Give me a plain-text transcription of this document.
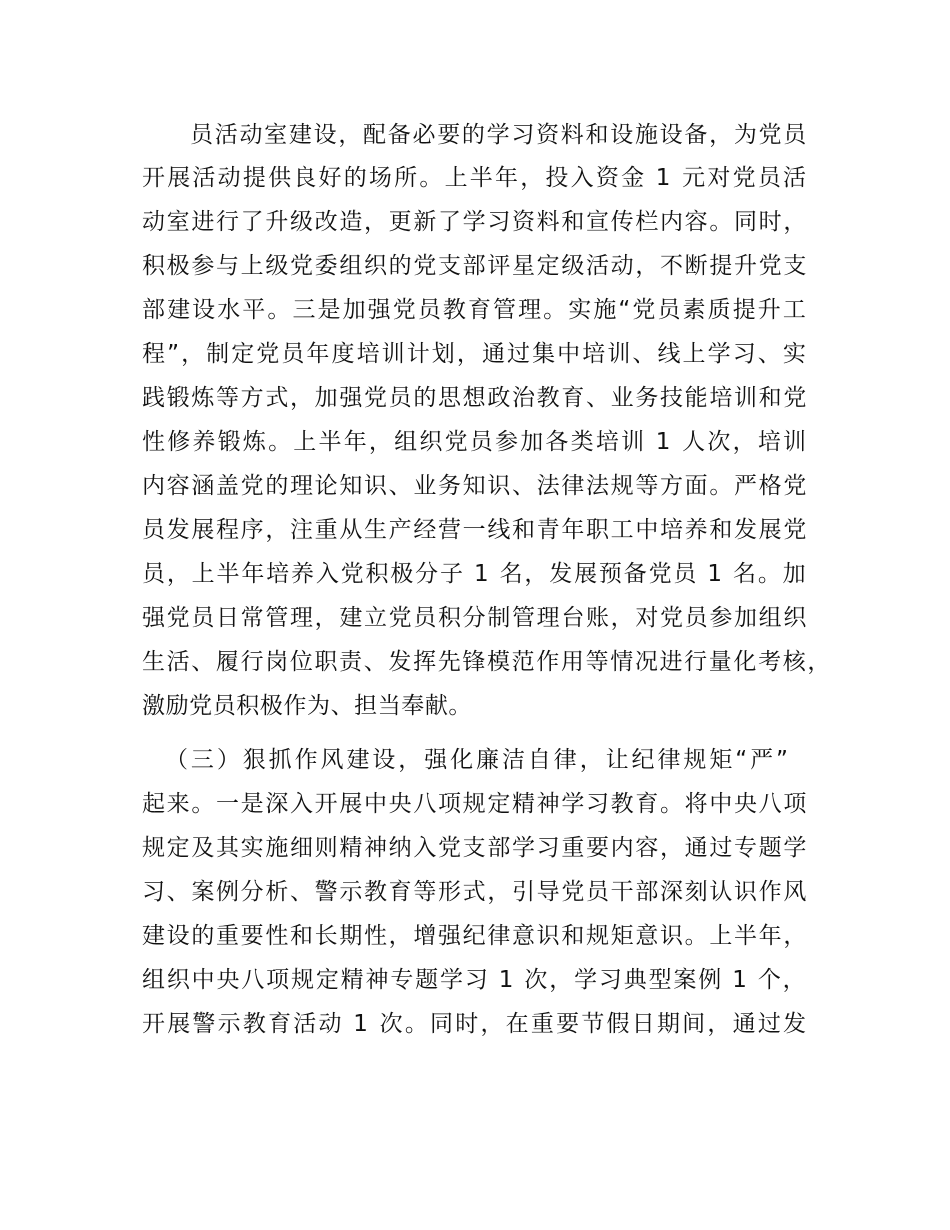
员活动室建设，配备必要的学习资料和设施设备，为党员
开展活动提供良好的场所。上半年，投入资金 1 元对党员活
动室进行了升级改造，更新了学习资料和宣传栏内容。同时，
积极参与上级党委组织的党支部评星定级活动，不断提升党支
部建设水平。三是加强党员教育管理。实施“党员素质提升工
程”，制定党员年度培训计划，通过集中培训、线上学习、实
践锻炼等方式，加强党员的思想政治教育、业务技能培训和党
性修养锻炼。上半年，组织党员参加各类培训 1 人次，培训
内容涵盖党的理论知识、业务知识、法律法规等方面。严格党
员发展程序，注重从生产经营一线和青年职工中培养和发展党
员，上半年培养入党积极分子 1 名，发展预备党员 1 名。加
强党员日常管理，建立党员积分制管理台账，对党员参加组织
生活、履行岗位职责、发挥先锋模范作用等情况进行量化考核，
激励党员积极作为、担当奉献。
（三）狠抓作风建设，强化廉洁自律，让纪律规矩“严”
起来。一是深入开展中央八项规定精神学习教育。将中央八项
规定及其实施细则精神纳入党支部学习重要内容，通过专题学
习、案例分析、警示教育等形式，引导党员干部深刻认识作风
建设的重要性和长期性，增强纪律意识和规矩意识。上半年，
组织中央八项规定精神专题学习 1 次，学习典型案例 1 个，
开展警示教育活动 1 次。同时，在重要节假日期间，通过发
